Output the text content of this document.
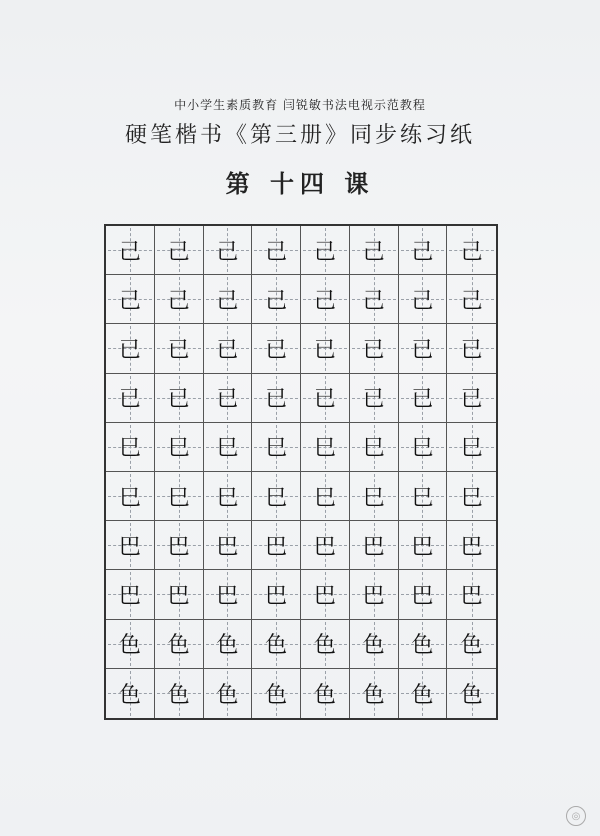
中小学生素质教育 闫锐敏书法电视示范教程
硬笔楷书《第三册》同步练习纸
第 十四 课
己 己 己 己 己 己 己 己
己 己 己 己 己 己 己 己
已 已 已 已 已 已 已 已
已 已 已 已 已 已 已 已
巳 巳 巳 巳 巳 巳 巳 巳
巳 巳 巳 巳 巳 巳 巳 巳
巴 巴 巴 巴 巴 巴 巴 巴
巴 巴 巴 巴 巴 巴 巴 巴
色 色 色 色 色 色 色 色
色 色 色 色 色 色 色 色
◎
